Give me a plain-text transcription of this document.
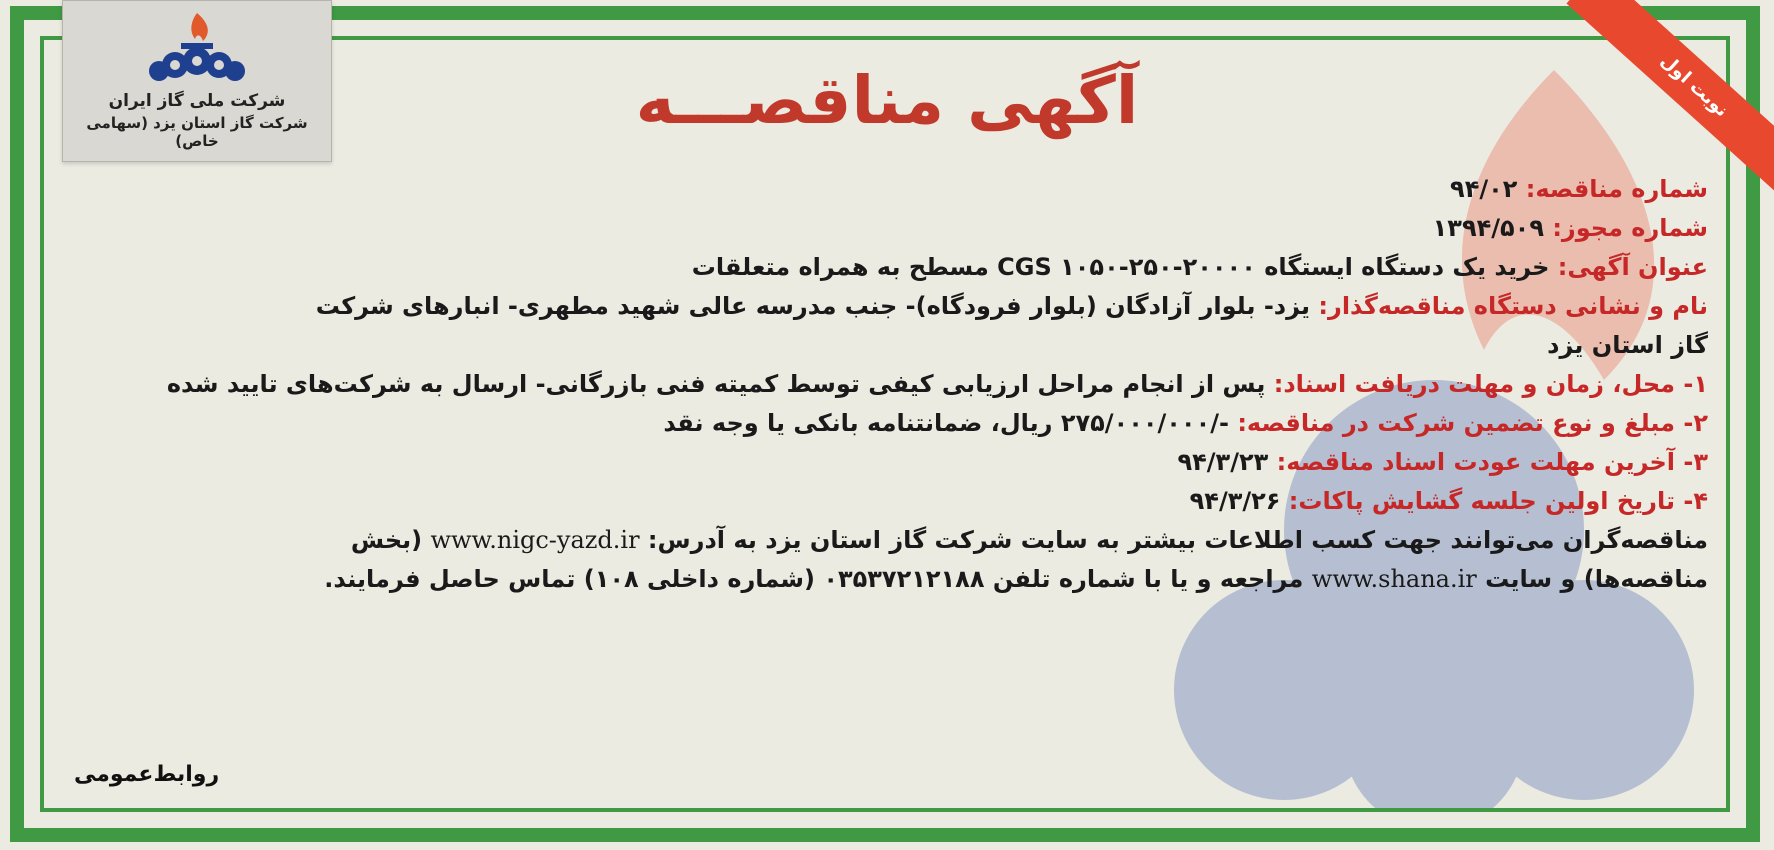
نوبت اول
شرکت ملی گاز ایران
شرکت گاز استان یزد (سهامی خاص)
آگهی مناقصـــه
شماره مناقصه: ۹۴/۰۲
شماره مجوز: ۱۳۹۴/۵۰۹
عنوان آگهی: خرید یک دستگاه ایستگاه ۲۰۰۰۰-۲۵۰-۱۰۵۰ CGS مسطح به همراه متعلقات
نام و نشانی دستگاه مناقصه‌گذار: یزد- بلوار آزادگان (بلوار فرودگاه)- جنب مدرسه عالی شهید مطهری- انبارهای شرکت
گاز استان یزد
۱- محل، زمان و مهلت دریافت اسناد: پس از انجام مراحل ارزیابی کیفی توسط کمیته فنی بازرگانی- ارسال به شرکت‌های تایید شده
۲- مبلغ و نوع تضمین شرکت در مناقصه: -/۲۷۵/۰۰۰/۰۰۰ ریال، ضمانتنامه بانکی یا وجه نقد
۳- آخرین مهلت عودت اسناد مناقصه: ۹۴/۳/۲۳
۴- تاریخ اولین جلسه گشایش پاکات: ۹۴/۳/۲۶
مناقصه‌گران می‌توانند جهت کسب اطلاعات بیشتر به سایت شرکت گاز استان یزد به آدرس: www.nigc-yazd.ir (بخش
مناقصه‌ها) و سایت www.shana.ir مراجعه و یا با شماره تلفن ۰۳۵۳۷۲۱۲۱۸۸ (شماره داخلی ۱۰۸) تماس حاصل فرمایند.
روابط‌عمومی
